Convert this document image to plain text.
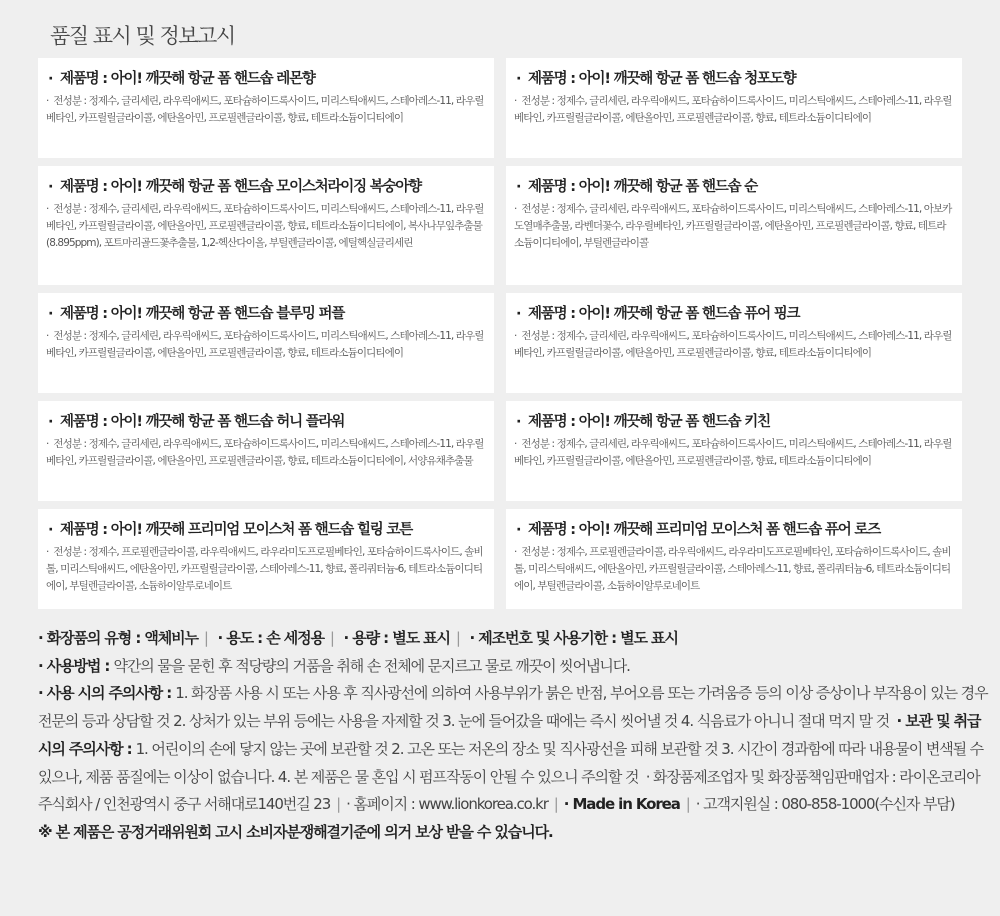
품질 표시 및 정보고시
· 제품명 : 아이! 깨끗해 항균 폼 핸드솝 레몬향
· 전성분 : 정제수, 글리세린, 라우릭애씨드, 포타슘하이드록사이드, 미리스틱애씨드, 스테아레스-11, 라우릴베타인, 카프릴릴글라이콜, 에탄올아민, 프로필렌글라이콜, 향료, 테트라소듐이디티에이
· 제품명 : 아이! 깨끗해 항균 폼 핸드솝 청포도향
· 전성분 : 정제수, 글리세린, 라우릭애씨드, 포타슘하이드록사이드, 미리스틱애씨드, 스테아레스-11, 라우릴베타인, 카프릴릴글라이콜, 에탄올아민, 프로필렌글라이콜, 향료, 테트라소듐이디티에이
· 제품명 : 아이! 깨끗해 항균 폼 핸드솝 모이스처라이징 복숭아향
· 전성분 : 정제수, 글리세린, 라우릭애씨드, 포타슘하이드록사이드, 미리스틱애씨드, 스테아레스-11, 라우릴베타인, 카프릴릴글라이콜, 에탄올아민, 프로필렌글라이콜, 향료, 테트라소듐이디티에이, 복사나무잎추출물(8.895ppm), 포트마리골드꽃추출물, 1,2-헥산다이올, 부틸렌글라이콜, 에틸헥실글리세린
· 제품명 : 아이! 깨끗해 항균 폼 핸드솝 순
· 전성분 : 정제수, 글리세린, 라우릭애씨드, 포타슘하이드록사이드, 미리스틱애씨드, 스테아레스-11, 아보카도열매추출물, 라벤더꽃수, 라우릴베타인, 카프릴릴글라이콜, 에탄올아민, 프로필렌글라이콜, 향료, 테트라소듐이디티에이, 부틸렌글라이콜
· 제품명 : 아이! 깨끗해 항균 폼 핸드솝 블루밍 퍼플
· 전성분 : 정제수, 글리세린, 라우릭애씨드, 포타슘하이드록사이드, 미리스틱애씨드, 스테아레스-11, 라우릴베타인, 카프릴릴글라이콜, 에탄올아민, 프로필렌글라이콜, 향료, 테트라소듐이디티에이
· 제품명 : 아이! 깨끗해 항균 폼 핸드솝 퓨어 핑크
· 전성분 : 정제수, 글리세린, 라우릭애씨드, 포타슘하이드록사이드, 미리스틱애씨드, 스테아레스-11, 라우릴베타인, 카프릴릴글라이콜, 에탄올아민, 프로필렌글라이콜, 향료, 테트라소듐이디티에이
· 제품명 : 아이! 깨끗해 항균 폼 핸드솝 허니 플라워
· 전성분 : 정제수, 글리세린, 라우릭애씨드, 포타슘하이드록사이드, 미리스틱애씨드, 스테아레스-11, 라우릴베타인, 카프릴릴글라이콜, 에탄올아민, 프로필렌글라이콜, 향료, 테트라소듐이디티에이, 서양유채추출물
· 제품명 : 아이! 깨끗해 항균 폼 핸드솝 키친
· 전성분 : 정제수, 글리세린, 라우릭애씨드, 포타슘하이드록사이드, 미리스틱애씨드, 스테아레스-11, 라우릴베타인, 카프릴릴글라이콜, 에탄올아민, 프로필렌글라이콜, 향료, 테트라소듐이디티에이
· 제품명 : 아이! 깨끗해 프리미엄 모이스처 폼 핸드솝 힐링 코튼
· 전성분 : 정제수, 프로필렌글라이콜, 라우릭애씨드, 라우라미도프로필베타인, 포타슘하이드록사이드, 솔비톨, 미리스틱애씨드, 에탄올아민, 카프릴릴글라이콜, 스테아레스-11, 향료, 폴리쿼터늄-6, 테트라소듐이디티에이, 부틸렌글라이콜, 소듐하이알루로네이트
· 제품명 : 아이! 깨끗해 프리미엄 모이스처 폼 핸드솝 퓨어 로즈
· 전성분 : 정제수, 프로필렌글라이콜, 라우릭애씨드, 라우라미도프로필베타인, 포타슘하이드록사이드, 솔비톨, 미리스틱애씨드, 에탄올아민, 카프릴릴글라이콜, 스테아레스-11, 향료, 폴리쿼터늄-6, 테트라소듐이디티에이, 부틸렌글라이콜, 소듐하이알루로네이트
· 화장품의 유형 : 액체비누 | · 용도 : 손 세정용 | · 용량 : 별도 표시 | · 제조번호 및 사용기한 : 별도 표시
· 사용방법 : 약간의 물을 묻힌 후 적당량의 거품을 취해 손 전체에 문지르고 물로 깨끗이 씻어냅니다.
· 사용 시의 주의사항 : 1. 화장품 사용 시 또는 사용 후 직사광선에 의하여 사용부위가 붉은 반점, 부어오름 또는 가려움증 등의 이상 증상이나 부작용이 있는 경우 전문의 등과 상담할 것 2. 상처가 있는 부위 등에는 사용을 자제할 것 3. 눈에 들어갔을 때에는 즉시 씻어낼 것 4. 식음료가 아니니 절대 먹지 말 것 · 보관 및 취급 시의 주의사항 : 1. 어린이의 손에 닿지 않는 곳에 보관할 것 2. 고온 또는 저온의 장소 및 직사광선을 피해 보관할 것 3. 시간이 경과함에 따라 내용물이 변색될 수 있으나, 제품 품질에는 이상이 없습니다. 4. 본 제품은 물 혼입 시 펌프작동이 안될 수 있으니 주의할 것 · 화장품제조업자 및 화장품책임판매업자 : 라이온코리아 주식회사 / 인천광역시 중구 서해대로140번길 23 | · 홈페이지 : www.lionkorea.co.kr | · Made in Korea | · 고객지원실 : 080-858-1000(수신자 부담)
※ 본 제품은 공정거래위원회 고시 소비자분쟁해결기준에 의거 보상 받을 수 있습니다.
